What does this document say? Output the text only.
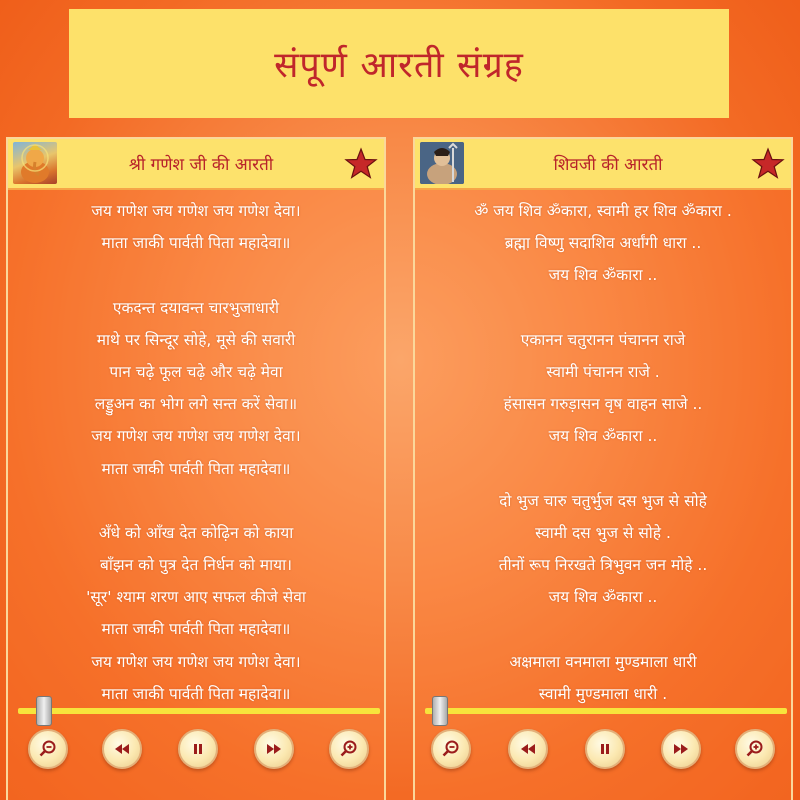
संपूर्ण आरती संग्रह
श्री गणेश जी की आरती
जय गणेश जय गणेश जय गणेश देवा।
माता जाकी पार्वती पिता महादेवा॥
एकदन्त दयावन्त चारभुजाधारी
माथे पर सिन्दूर सोहे, मूसे की सवारी
पान चढ़े फूल चढ़े और चढ़े मेवा
लड्डुअन का भोग लगे सन्त करें सेवा॥
जय गणेश जय गणेश जय गणेश देवा।
माता जाकी पार्वती पिता महादेवा॥
अँधे को आँख देत कोढ़िन को काया
बाँझन को पुत्र देत निर्धन को माया।
'सूर' श्याम शरण आए सफल कीजे सेवा
माता जाकी पार्वती पिता महादेवा॥
जय गणेश जय गणेश जय गणेश देवा।
माता जाकी पार्वती पिता महादेवा॥
शिवजी की आरती
ॐ जय शिव ॐकारा, स्वामी हर शिव ॐकारा .
ब्रह्मा विष्णु सदाशिव अर्धांगी धारा ..
जय शिव ॐकारा ..
एकानन चतुरानन पंचानन राजे
स्वामी पंचानन राजे .
हंसासन गरुड़ासन वृष वाहन साजे ..
जय शिव ॐकारा ..
दो भुज चारु चतुर्भुज दस भुज से सोहे
स्वामी दस भुज से सोहे .
तीनों रूप निरखते त्रिभुवन जन मोहे ..
जय शिव ॐकारा ..
अक्षमाला वनमाला मुण्डमाला धारी
स्वामी मुण्डमाला धारी .
